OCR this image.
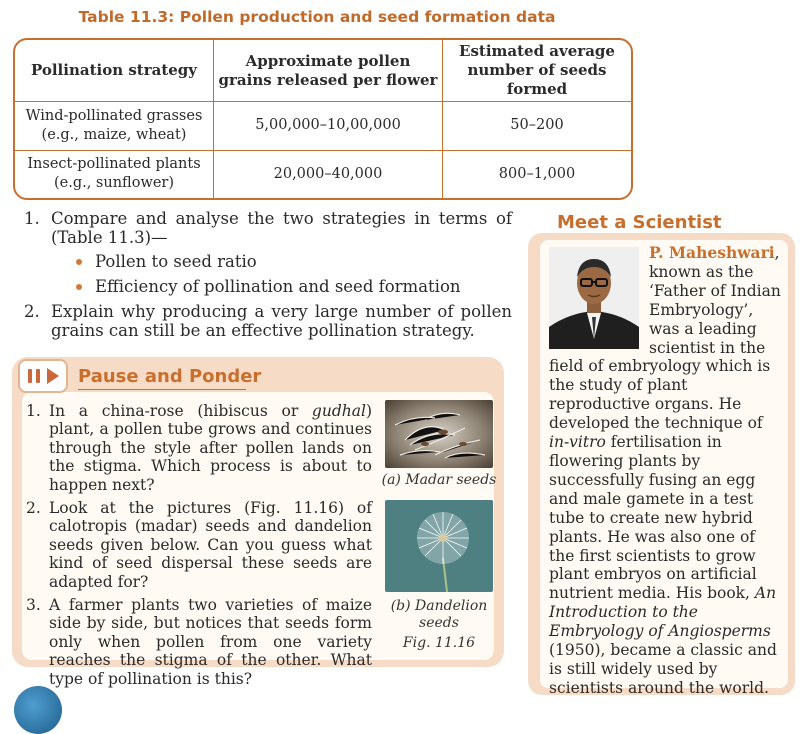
Table 11.3: Pollen production and seed formation data
Pollination strategy	Approximate pollen grains released per flower	Estimated average number of seeds formed
Wind-pollinated grasses (e.g., maize, wheat)	5,00,000–10,00,000	50–200
Insect-pollinated plants (e.g., sunflower)	20,000–40,000	800–1,000
1. Compare and analyse the two strategies in terms of (Table 11.3)—
Pollen to seed ratio
Efficiency of pollination and seed formation
2. Explain why producing a very large number of pollen grains can still be an effective pollination strategy.
Pause and Ponder
1. In a china-rose (hibiscus or gudhal) plant, a pollen tube grows and continues through the style after pollen lands on the stigma. Which process is about to happen next?
2. Look at the pictures (Fig. 11.16) of calotropis (madar) seeds and dandelion seeds given below. Can you guess what kind of seed dispersal these seeds are adapted for?
3. A farmer plants two varieties of maize side by side, but notices that seeds form only when pollen from one variety reaches the stigma of the other. What type of pollination is this?
(a) Madar seeds
(b) Dandelion seeds
Fig. 11.16
Meet a Scientist
P. Maheshwari, known as the ‘Father of Indian Embryology’, was a leading scientist in the field of embryology which is the study of plant reproductive organs. He developed the technique of in-vitro fertilisation in flowering plants by successfully fusing an egg and male gamete in a test tube to create new hybrid plants. He was also one of the first scientists to grow plant embryos on artificial nutrient media. His book, An Introduction to the Embryology of Angiosperms (1950), became a classic and is still widely used by scientists around the world.
